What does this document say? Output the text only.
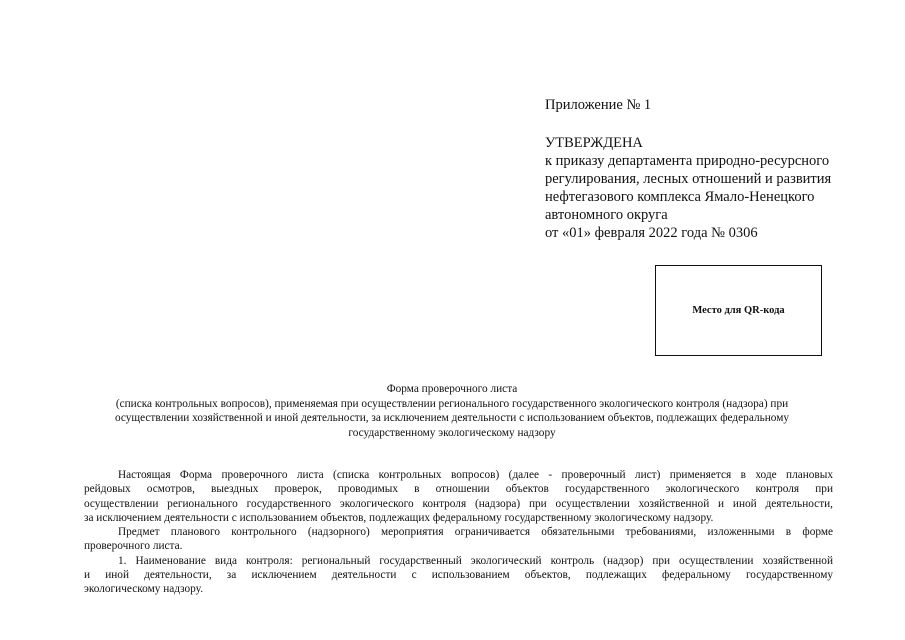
Приложение № 1
УТВЕРЖДЕНА
к приказу департамента природно-ресурсного
регулирования, лесных отношений и развития
нефтегазового комплекса Ямало-Ненецкого
автономного округа
от «01» февраля 2022 года № 0306
Место для QR-кода
Форма проверочного листа
(списка контрольных вопросов), применяемая при осуществлении регионального государственного экологического контроля (надзора) при
осуществлении хозяйственной и иной деятельности, за исключением деятельности с использованием объектов, подлежащих федеральному
государственному экологическому надзору
Настоящая Форма проверочного листа (списка контрольных вопросов) (далее - проверочный лист) применяется в ходе плановых
рейдовых осмотров, выездных проверок, проводимых в отношении объектов государственного экологического контроля при
осуществлении регионального государственного экологического контроля (надзора) при осуществлении хозяйственной и иной деятельности,
за исключением деятельности с использованием объектов, подлежащих федеральному государственному экологическому надзору.
Предмет планового контрольного (надзорного) мероприятия ограничивается обязательными требованиями, изложенными в форме
проверочного листа.
1. Наименование вида контроля: региональный государственный экологический контроль (надзор) при осуществлении хозяйственной
и иной деятельности, за исключением деятельности с использованием объектов, подлежащих федеральному государственному
экологическому надзору.
